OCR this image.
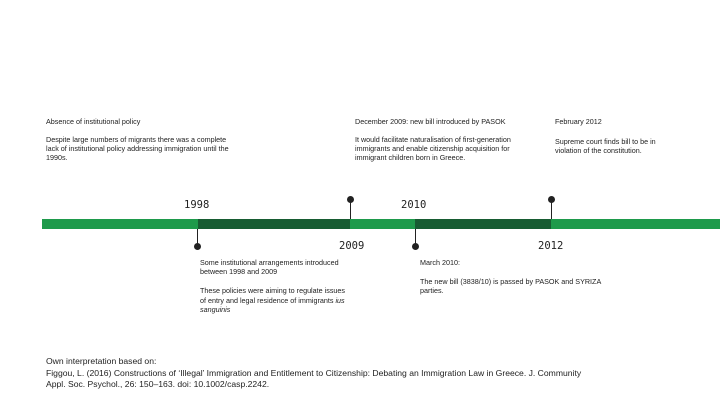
Absence of institutional policy
Despite large numbers of migrants there was a complete lack of institutional policy addressing immigration until the 1990s.
December 2009: new bill introduced by PASOK
It would facilitate naturalisation of first-generation immigrants and enable citizenship acquisition for immigrant children born in Greece.
February 2012
Supreme court finds bill to be in violation of the constitution.
1998	2010
2009	2012
Some institutional arrangements introduced between 1998 and 2009
These policies were aiming to regulate issues of entry and legal residence of immigrants ius sanguinis
March 2010:
The new bill (3838/10) is passed by PASOK and SYRIZA parties.
Own interpretation based on:
Figgou, L. (2016) Constructions of ‘Illegal’ Immigration and Entitlement to Citizenship: Debating an Immigration Law in Greece. J. Community
Appl. Soc. Psychol., 26: 150–163. doi: 10.1002/casp.2242.
